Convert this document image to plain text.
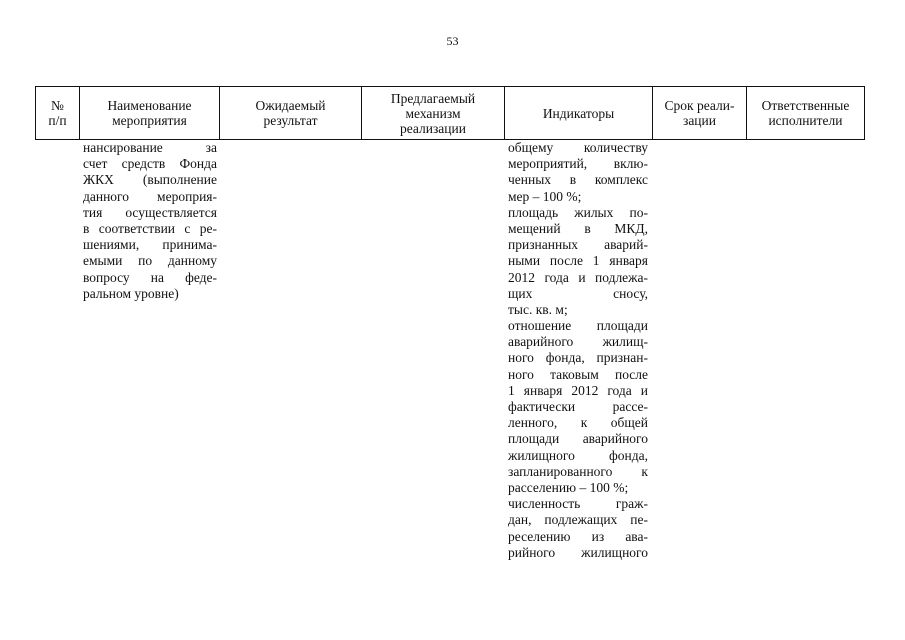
53
№
п/п
Наименование
мероприятия
Ожидаемый
результат
Предлагаемый
механизм
реализации
Индикаторы	Срок реали-
зации
Ответственные
исполнители
нансирование за
счет средств Фонда
ЖКХ (выполнение
данного мероприя-
тия осуществляется
в соответствии с ре-
шениями, принима-
емыми по данному
вопросу на феде-
ральном уровне)
общему количеству
мероприятий, вклю-
ченных в комплекс
мер – 100 %;
площадь жилых по-
мещений в МКД,
признанных аварий-
ными после 1 января
2012 года и подлежа-
щих сносу,
тыс. кв. м;
отношение площади
аварийного жилищ-
ного фонда, признан-
ного таковым после
1 января 2012 года и
фактически рассе-
ленного, к общей
площади аварийного
жилищного фонда,
запланированного к
расселению – 100 %;
численность граж-
дан, подлежащих пе-
реселению из ава-
рийного жилищного
